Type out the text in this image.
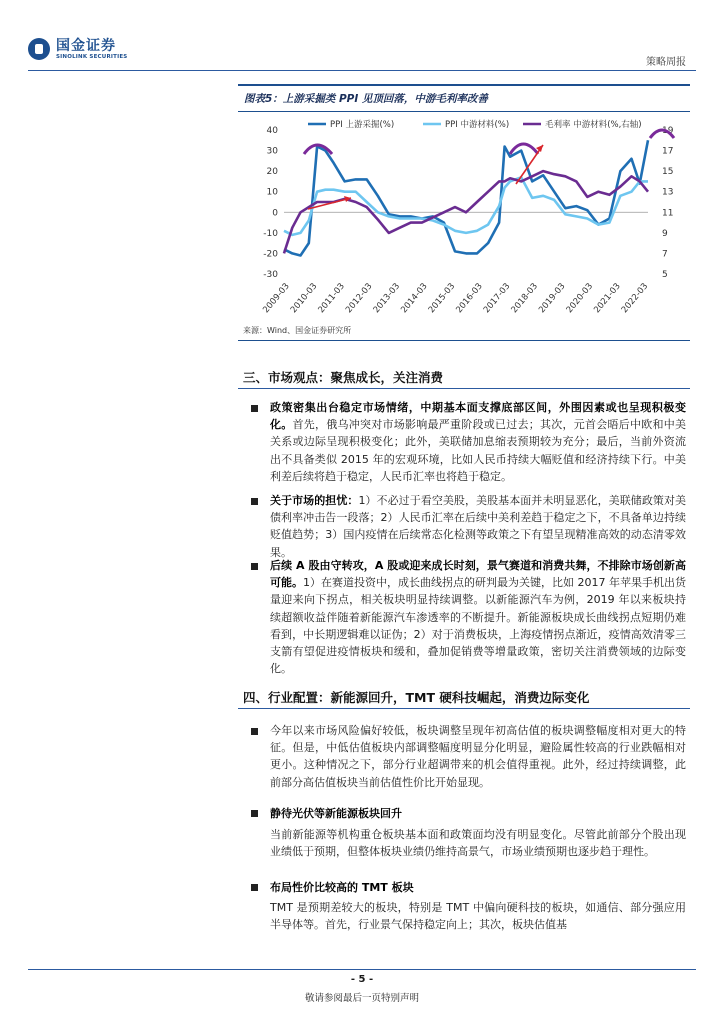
国金证券
SINOLINK SECURITIES	策略周报
图表5：上游采掘类 PPI 见顶回落，中游毛利率改善
40
30
20
10
0
-10
-20
-30
19
17
15
13
11
9
7
5
2009-03
2010-03
2011-03
2012-03
2013-03
2014-03
2015-03
2016-03
2017-03
2018-03
2019-03
2020-03
2021-03
2022-03
PPI 上游采掘(%)	PPI 中游材料(%)	毛利率 中游材料(%,右轴)
来源：Wind、国金证券研究所
三、市场观点：聚焦成长，关注消费
政策密集出台稳定市场情绪，中期基本面支撑底部区间，外围因素或也呈现积极变化。首先，俄乌冲突对市场影响最严重阶段或已过去；其次，元首会晤后中欧和中美关系或边际呈现积极变化；此外，美联储加息缩表预期较为充分；最后，当前外资流出不具备类似 2015 年的宏观环境，比如人民币持续大幅贬值和经济持续下行。中美利差后续将趋于稳定，人民币汇率也将趋于稳定。
关于市场的担忧：1）不必过于看空美股，美股基本面并未明显恶化，美联储政策对美债利率冲击告一段落；2）人民币汇率在后续中美利差趋于稳定之下，不具备单边持续贬值趋势；3）国内疫情在后续常态化检测等政策之下有望呈现精准高效的动态清零效果。
后续 A 股由守转攻，A 股或迎来成长时刻，景气赛道和消费共舞，不排除市场创新高可能。1）在赛道投资中，成长曲线拐点的研判最为关键，比如 2017 年苹果手机出货量迎来向下拐点，相关板块明显持续调整。以新能源汽车为例，2019 年以来板块持续超额收益伴随着新能源汽车渗透率的不断提升。新能源板块成长曲线拐点短期仍难看到，中长期逻辑难以证伪；2）对于消费板块，上海疫情拐点渐近，疫情高效清零三支箭有望促进疫情板块和缓和，叠加促销费等增量政策，密切关注消费领域的边际变化。
四、行业配置：新能源回升，TMT 硬科技崛起，消费边际变化
今年以来市场风险偏好较低，板块调整呈现年初高估值的板块调整幅度相对更大的特征。但是，中低估值板块内部调整幅度明显分化明显，避险属性较高的行业跌幅相对更小。这种情况之下，部分行业超调带来的机会值得重视。此外，经过持续调整，此前部分高估值板块当前估值性价比开始显现。
静待光伏等新能源板块回升
当前新能源等机构重仓板块基本面和政策面均没有明显变化。尽管此前部分个股出现业绩低于预期，但整体板块业绩仍维持高景气，市场业绩预期也逐步趋于理性。
布局性价比较高的 TMT 板块
TMT 是预期差较大的板块，特别是 TMT 中偏向硬科技的板块，如通信、部分强应用半导体等。首先，行业景气保持稳定向上；其次，板块估值基
- 5 -
敬请参阅最后一页特别声明
